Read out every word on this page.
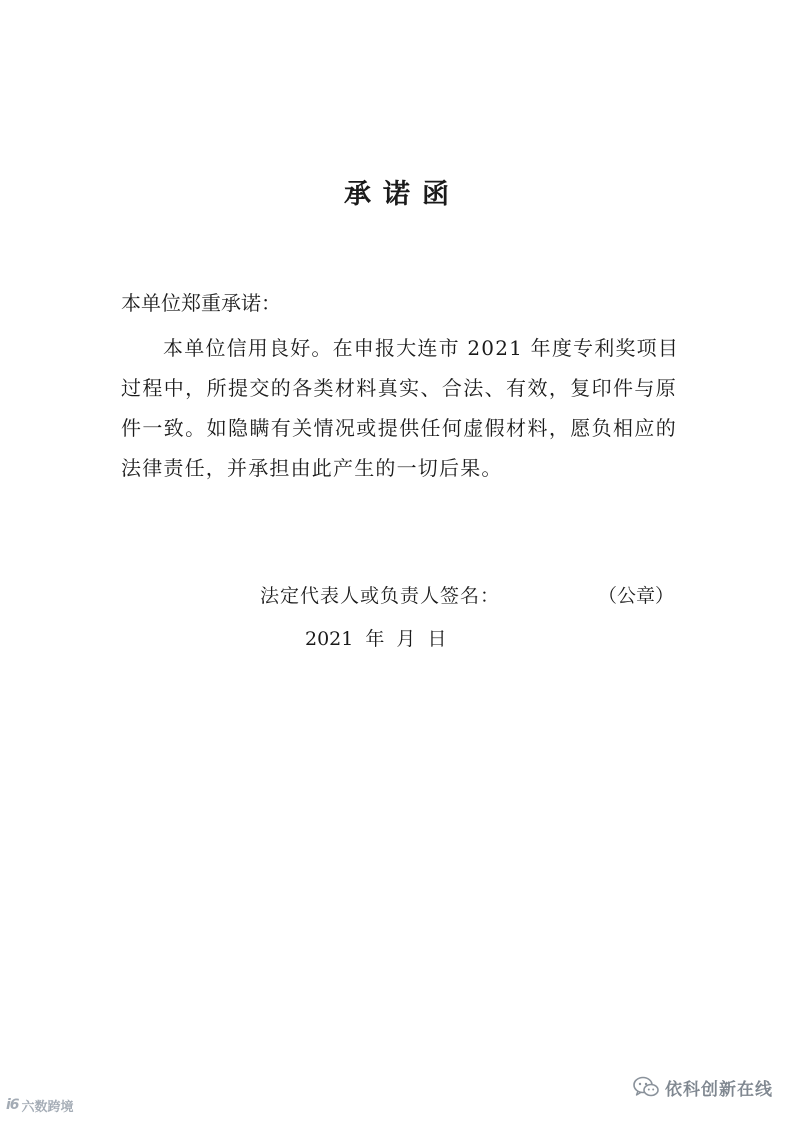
承诺函
本单位郑重承诺：
本单位信用良好。在申报大连市 2021 年度专利奖项目
过程中，所提交的各类材料真实、合法、有效，复印件与原
件一致。如隐瞒有关情况或提供任何虚假材料，愿负相应的
法律责任，并承担由此产生的一切后果。
法定代表人或负责人签名：	（公章）
2021 年 月 日
i6 六数跨境
依科创新在线
